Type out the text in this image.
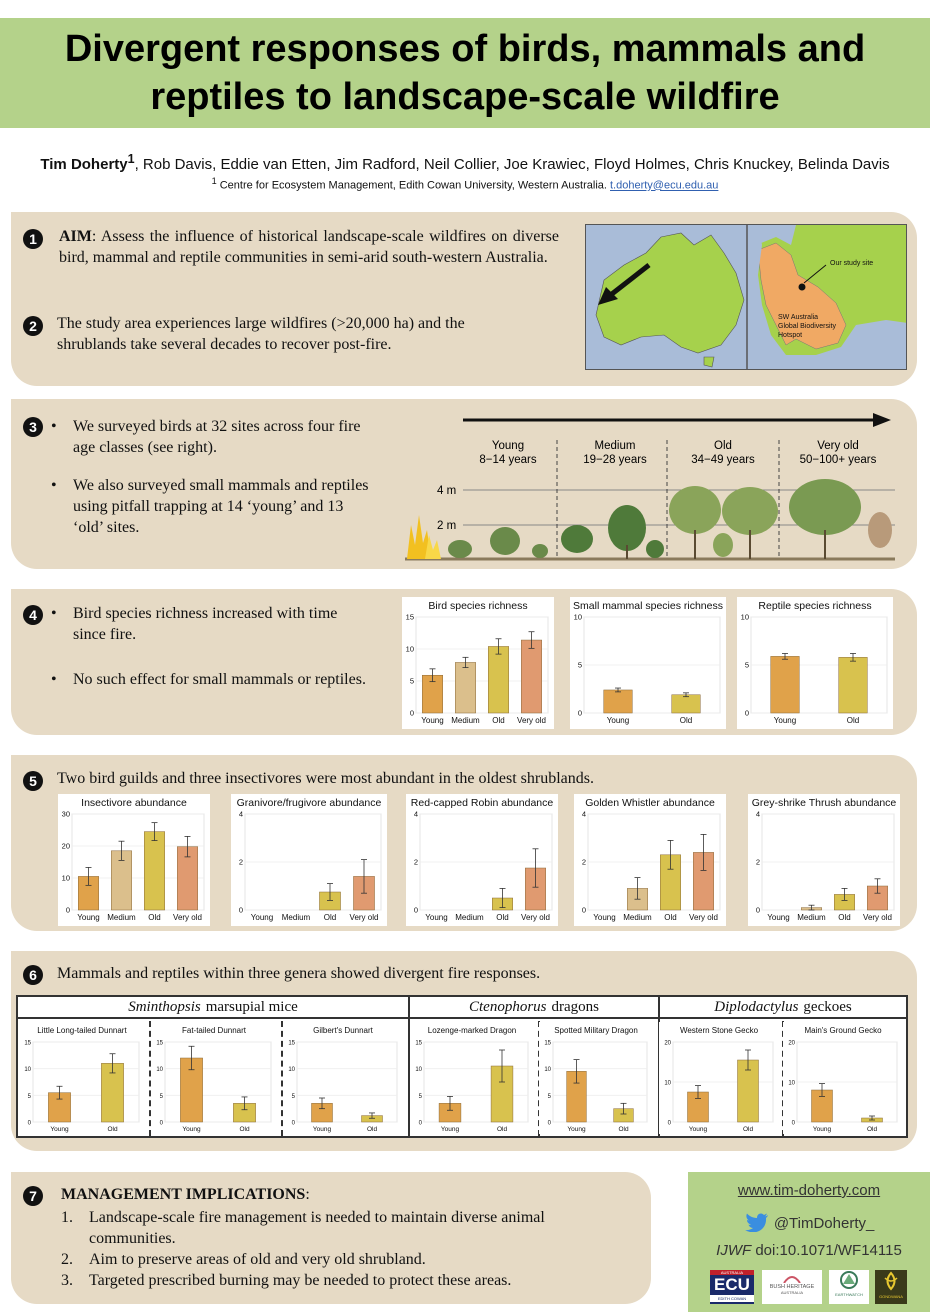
Divergent responses of birds, mammals and reptiles to landscape-scale wildfire
Tim Doherty$^1$, Rob Davis, Eddie van Etten, Jim Radford, Neil Collier, Joe Krawiec, Floyd Holmes, Chris Knuckey, Belinda Davis
$^1$ Centre for Ecosystem Management, Edith Cowan University, Western Australia. t.doherty@ecu.edu.au
1	AIM: Assess the influence of historical landscape-scale wildfires on diverse bird, mammal and reptile communities in semi-arid south-western Australia.
2	The study area experiences large wildfires (>20,000 ha) and the shrublands take several decades to recover post-fire.
Our study site
SW Australia Global Biodiversity Hotspot
3 •	We surveyed birds at 32 sites across four fire age classes (see right).
•	We also surveyed small mammals and reptiles using pitfall trapping at 14 ‘young’ and 13 ‘old’ sites.
Young
8−14 years
Medium
19−28 years
Old
34−49 years
Very old
50−100+ years
4 m
2 m
4 •	Bird species richness increased with time since fire.
•	No such effect for small mammals or reptiles.
5	Two bird guilds and three insectivores were most abundant in the oldest shrublands.
6	Mammals and reptiles within three genera showed divergent fire responses.
Sminthopsis marsupial mice	Ctenophorus dragons	Diplodactylus geckoes
7	MANAGEMENT IMPLICATIONS:
1.	Landscape-scale fire management is needed to maintain diverse animal communities.
2.	Aim to preserve areas of old and very old shrubland.
3.	Targeted prescribed burning may be needed to protect these areas.
www.tim-doherty.com
@TimDoherty_
IJWF doi:10.1071/WF14115
AUSTRALIA
ECU
EDITH COWAN
BUSH HERITAGE
AUSTRALIA	EARTHWATCH	GONDWANA
Bird species richness
0
5
10
15
Young Medium Old Very old
Small mammal species richness
0
5
10
Young	Old
Reptile species richness
0
5
10
Young	Old
Insectivore abundance
0
10
20
30
Young Medium Old Very old
Granivore/frugivore abundance
0
2
4
Young Medium Old Very old
Red-capped Robin abundance
0
2
4
Young Medium Old Very old
Golden Whistler abundance
0
2
4
Young Medium Old Very old
Grey-shrike Thrush abundance
0
2
4
Young Medium Old Very old
Little Long-tailed Dunnart
0
5
10
15
Young	Old
Fat-tailed Dunnart
0
5
10
15
Young	Old
Gilbert's Dunnart
0
5
10
15
Young	Old
Lozenge-marked Dragon
0
5
10
15
Young	Old
Spotted Military Dragon
0
5
10
15
Young	Old
Western Stone Gecko
0
10
20
Young	Old
Main's Ground Gecko
0
10
20
Young	Old
